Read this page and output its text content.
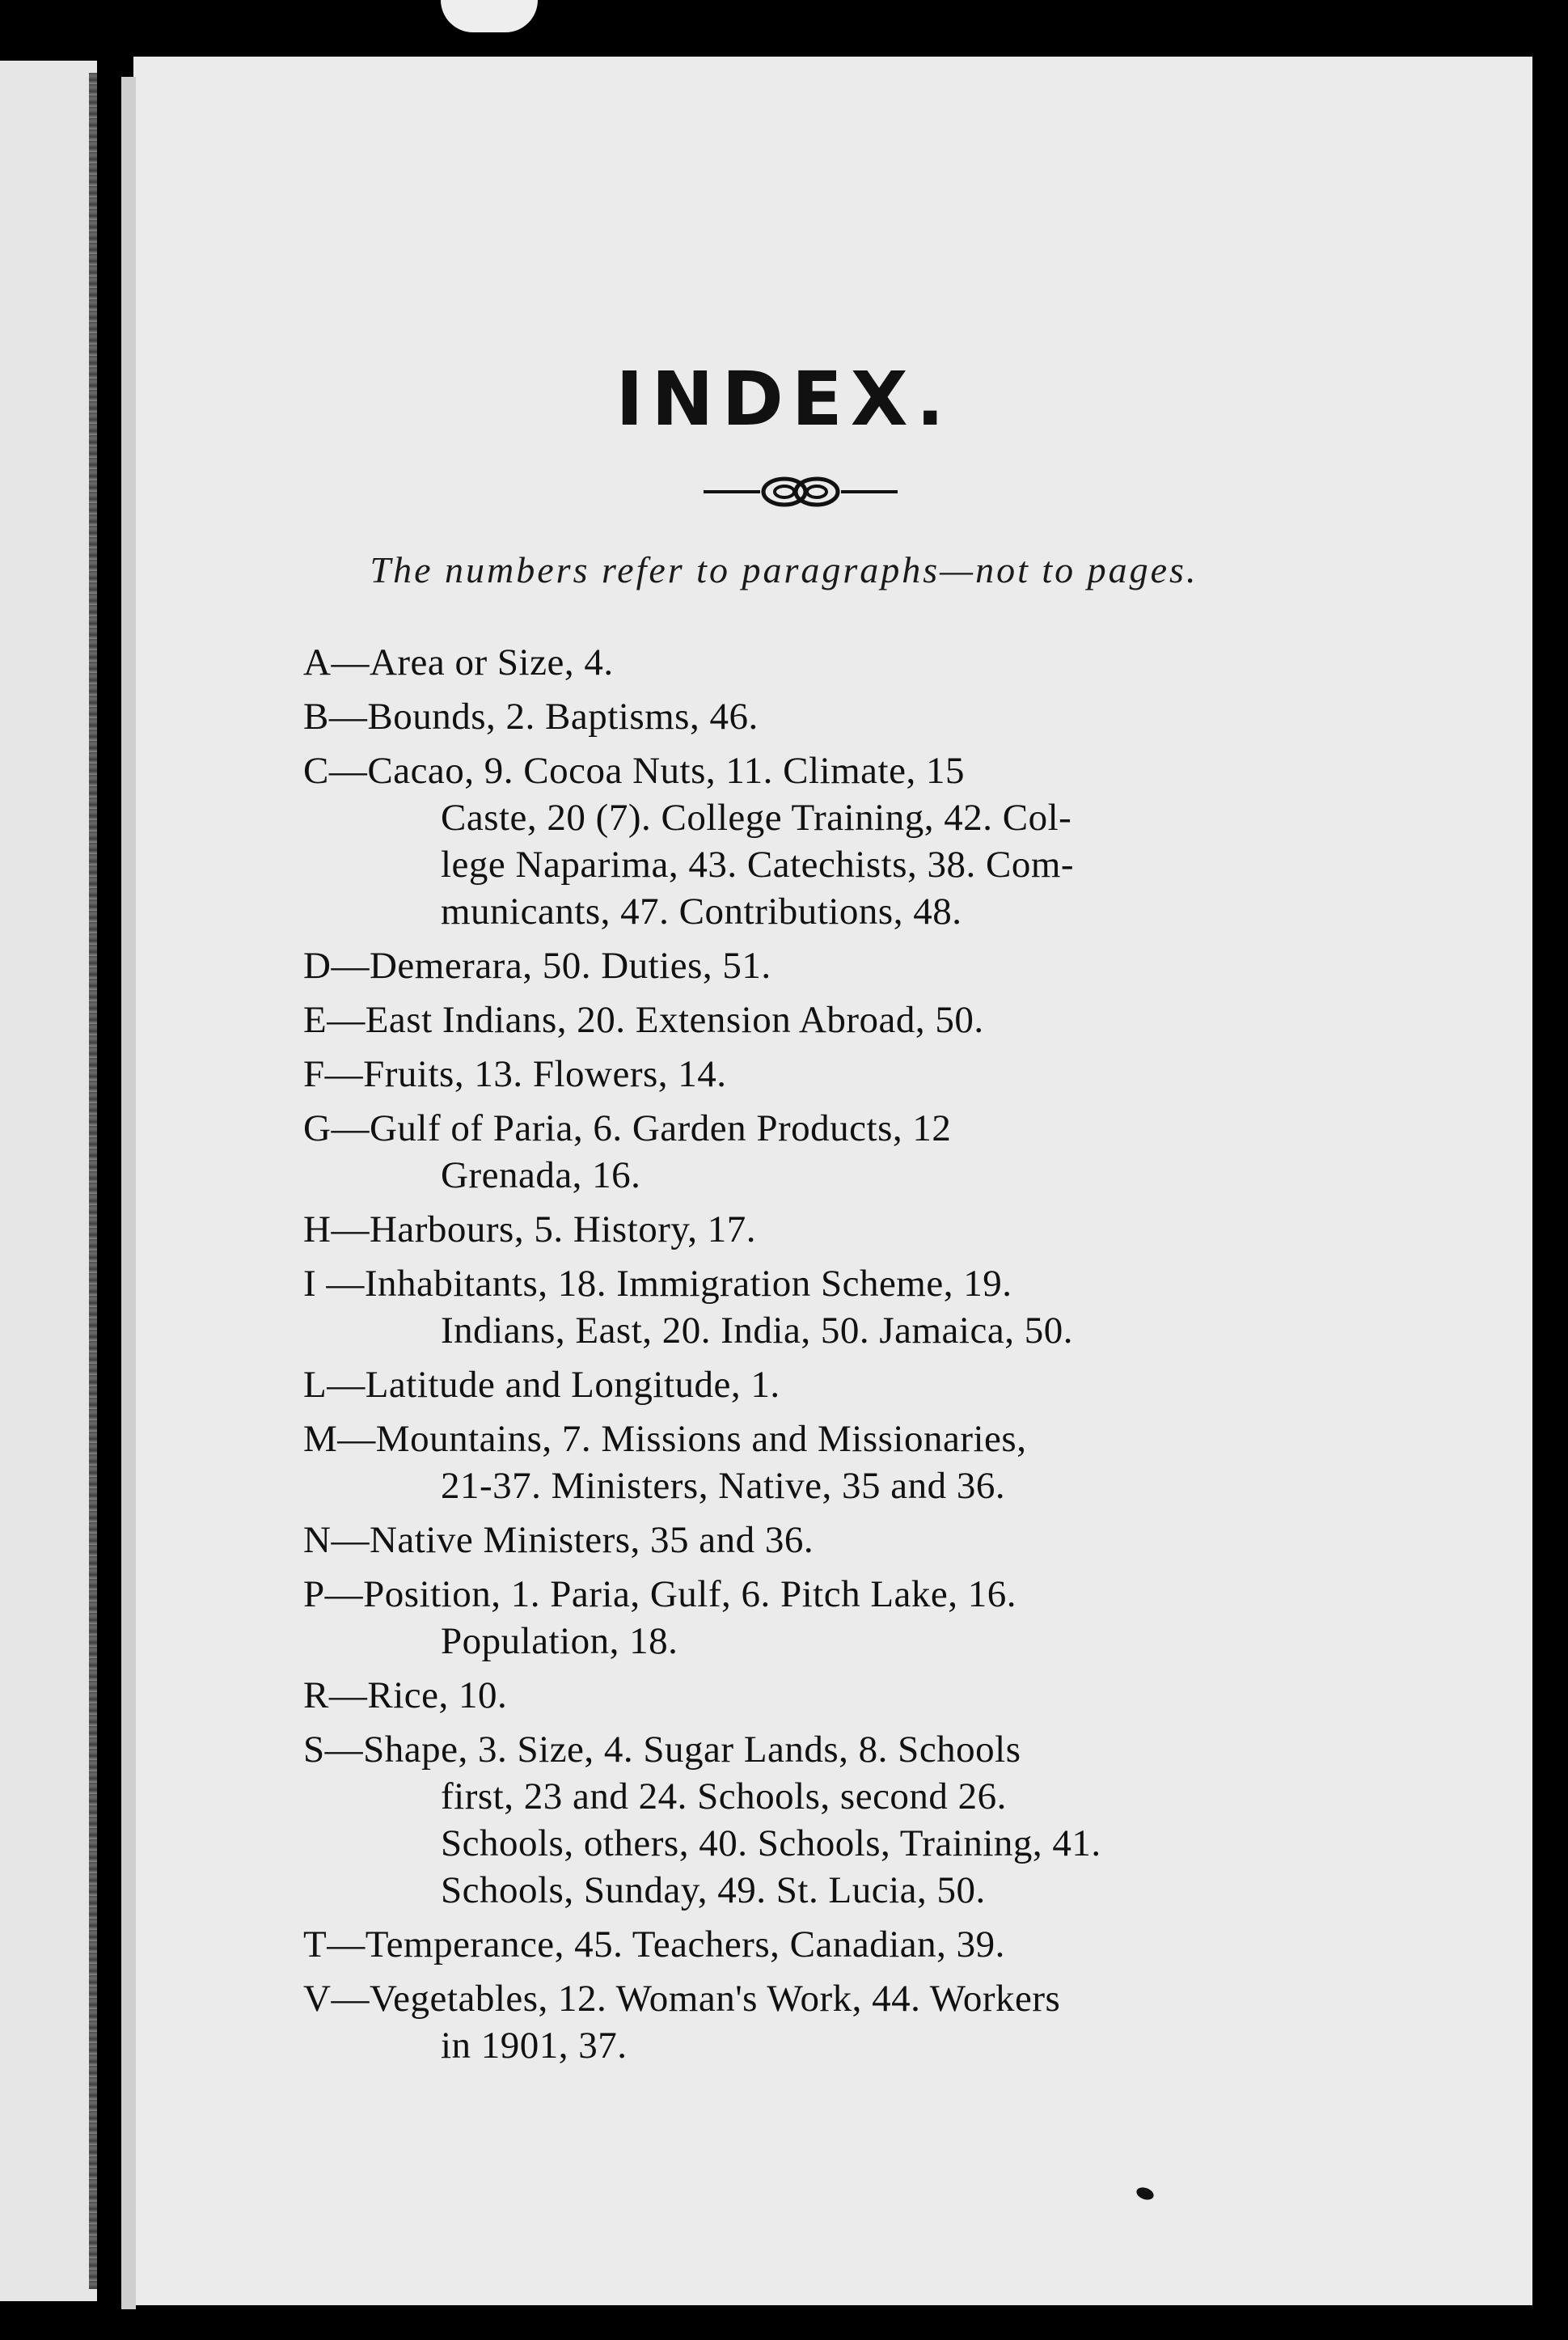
INDEX.
The numbers refer to paragraphs—not to pages.
A— Area or Size, 4.
B— Bounds, 2. Baptisms, 46.
C— Cacao, 9. Cocoa Nuts, 11. Climate, 15
Caste, 20 (7). College Training, 42. Col-
lege Naparima, 43. Catechists, 38. Com-
municants, 47. Contributions, 48.
D— Demerara, 50. Duties, 51.
E— East Indians, 20. Extension Abroad, 50.
F— Fruits, 13. Flowers, 14.
G— Gulf of Paria, 6. Garden Products, 12
Grenada, 16.
H— Harbours, 5. History, 17.
I — Inhabitants, 18. Immigration Scheme, 19.
Indians, East, 20. India, 50. Jamaica, 50.
L— Latitude and Longitude, 1.
M— Mountains, 7. Missions and Missionaries,
21-37. Ministers, Native, 35 and 36.
N— Native Ministers, 35 and 36.
P— Position, 1. Paria, Gulf, 6. Pitch Lake, 16.
Population, 18.
R— Rice, 10.
S— Shape, 3. Size, 4. Sugar Lands, 8. Schools
first, 23 and 24. Schools, second 26.
Schools, others, 40. Schools, Training, 41.
Schools, Sunday, 49. St. Lucia, 50.
T— Temperance, 45. Teachers, Canadian, 39.
V— Vegetables, 12. Woman's Work, 44. Workers
in 1901, 37.
